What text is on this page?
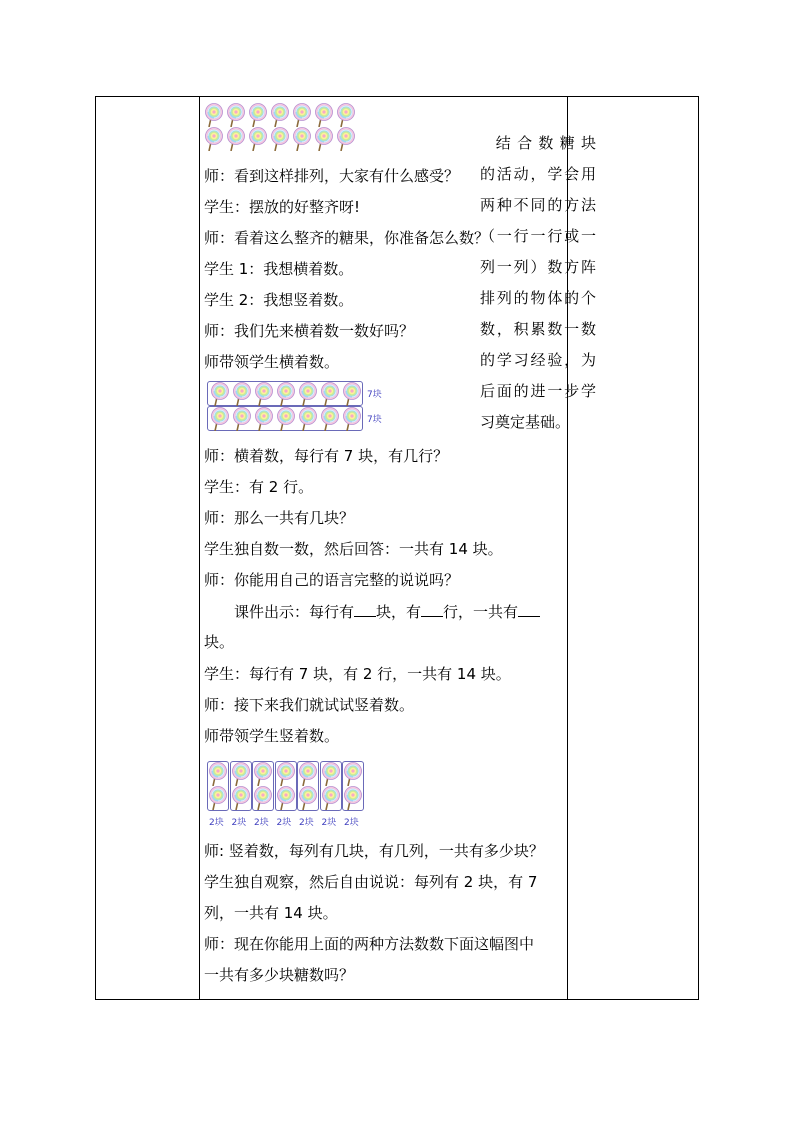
师：看到这样排列，大家有什么感受？
学生：摆放的好整齐呀!
师：看着这么整齐的糖果，你准备怎么数？
学生 1：我想横着数。
学生 2：我想竖着数。
师：我们先来横着数一数好吗？
师带领学生横着数。
7块
7块
师：横着数，每行有 7 块，有几行？
学生：有 2 行。
师：那么一共有几块？
学生独自数一数，然后回答：一共有 14 块。
师：你能用自己的语言完整的说说吗？
课件出示：每行有 块，有 行，一共有
块。
学生：每行有 7 块，有 2 行，一共有 14 块。
师：接下来我们就试试竖着数。
师带领学生竖着数。
2块 2块 2块 2块 2块 2块 2块
师: 竖着数，每列有几块，有几列，一共有多少块？
学生独自观察，然后自由说说：每列有 2 块，有 7
列，一共有 14 块。
师：现在你能用上面的两种方法数数下面这幅图中
一共有多少块糖数吗？
　结 合 数 糖 块
的活动，学会用
两种不同的方法
（一行一行或一
列一列）数方阵
排列的物体的个
数，积累数一数
的学习经验，为
后面的进一步学
习奠定基础。
